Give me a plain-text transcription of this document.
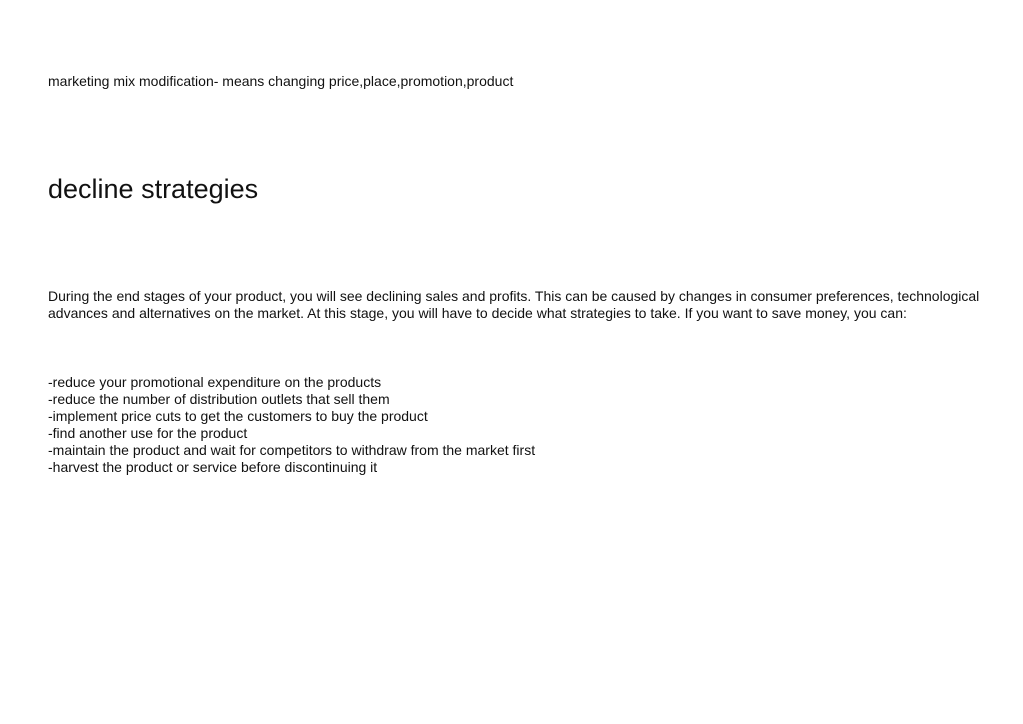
marketing mix modification- means changing price,place,promotion,product
decline strategies

During the end stages of your product, you will see declining sales and profits. This can be caused by changes in consumer preferences, technological advances and alternatives on the market. At this stage, you will have to decide what strategies to take. If you want to save money, you can:

-reduce your promotional expenditure on the products
-reduce the number of distribution outlets that sell them
-implement price cuts to get the customers to buy the product
-find another use for the product
-maintain the product and wait for competitors to withdraw from the market first
-harvest the product or service before discontinuing it
